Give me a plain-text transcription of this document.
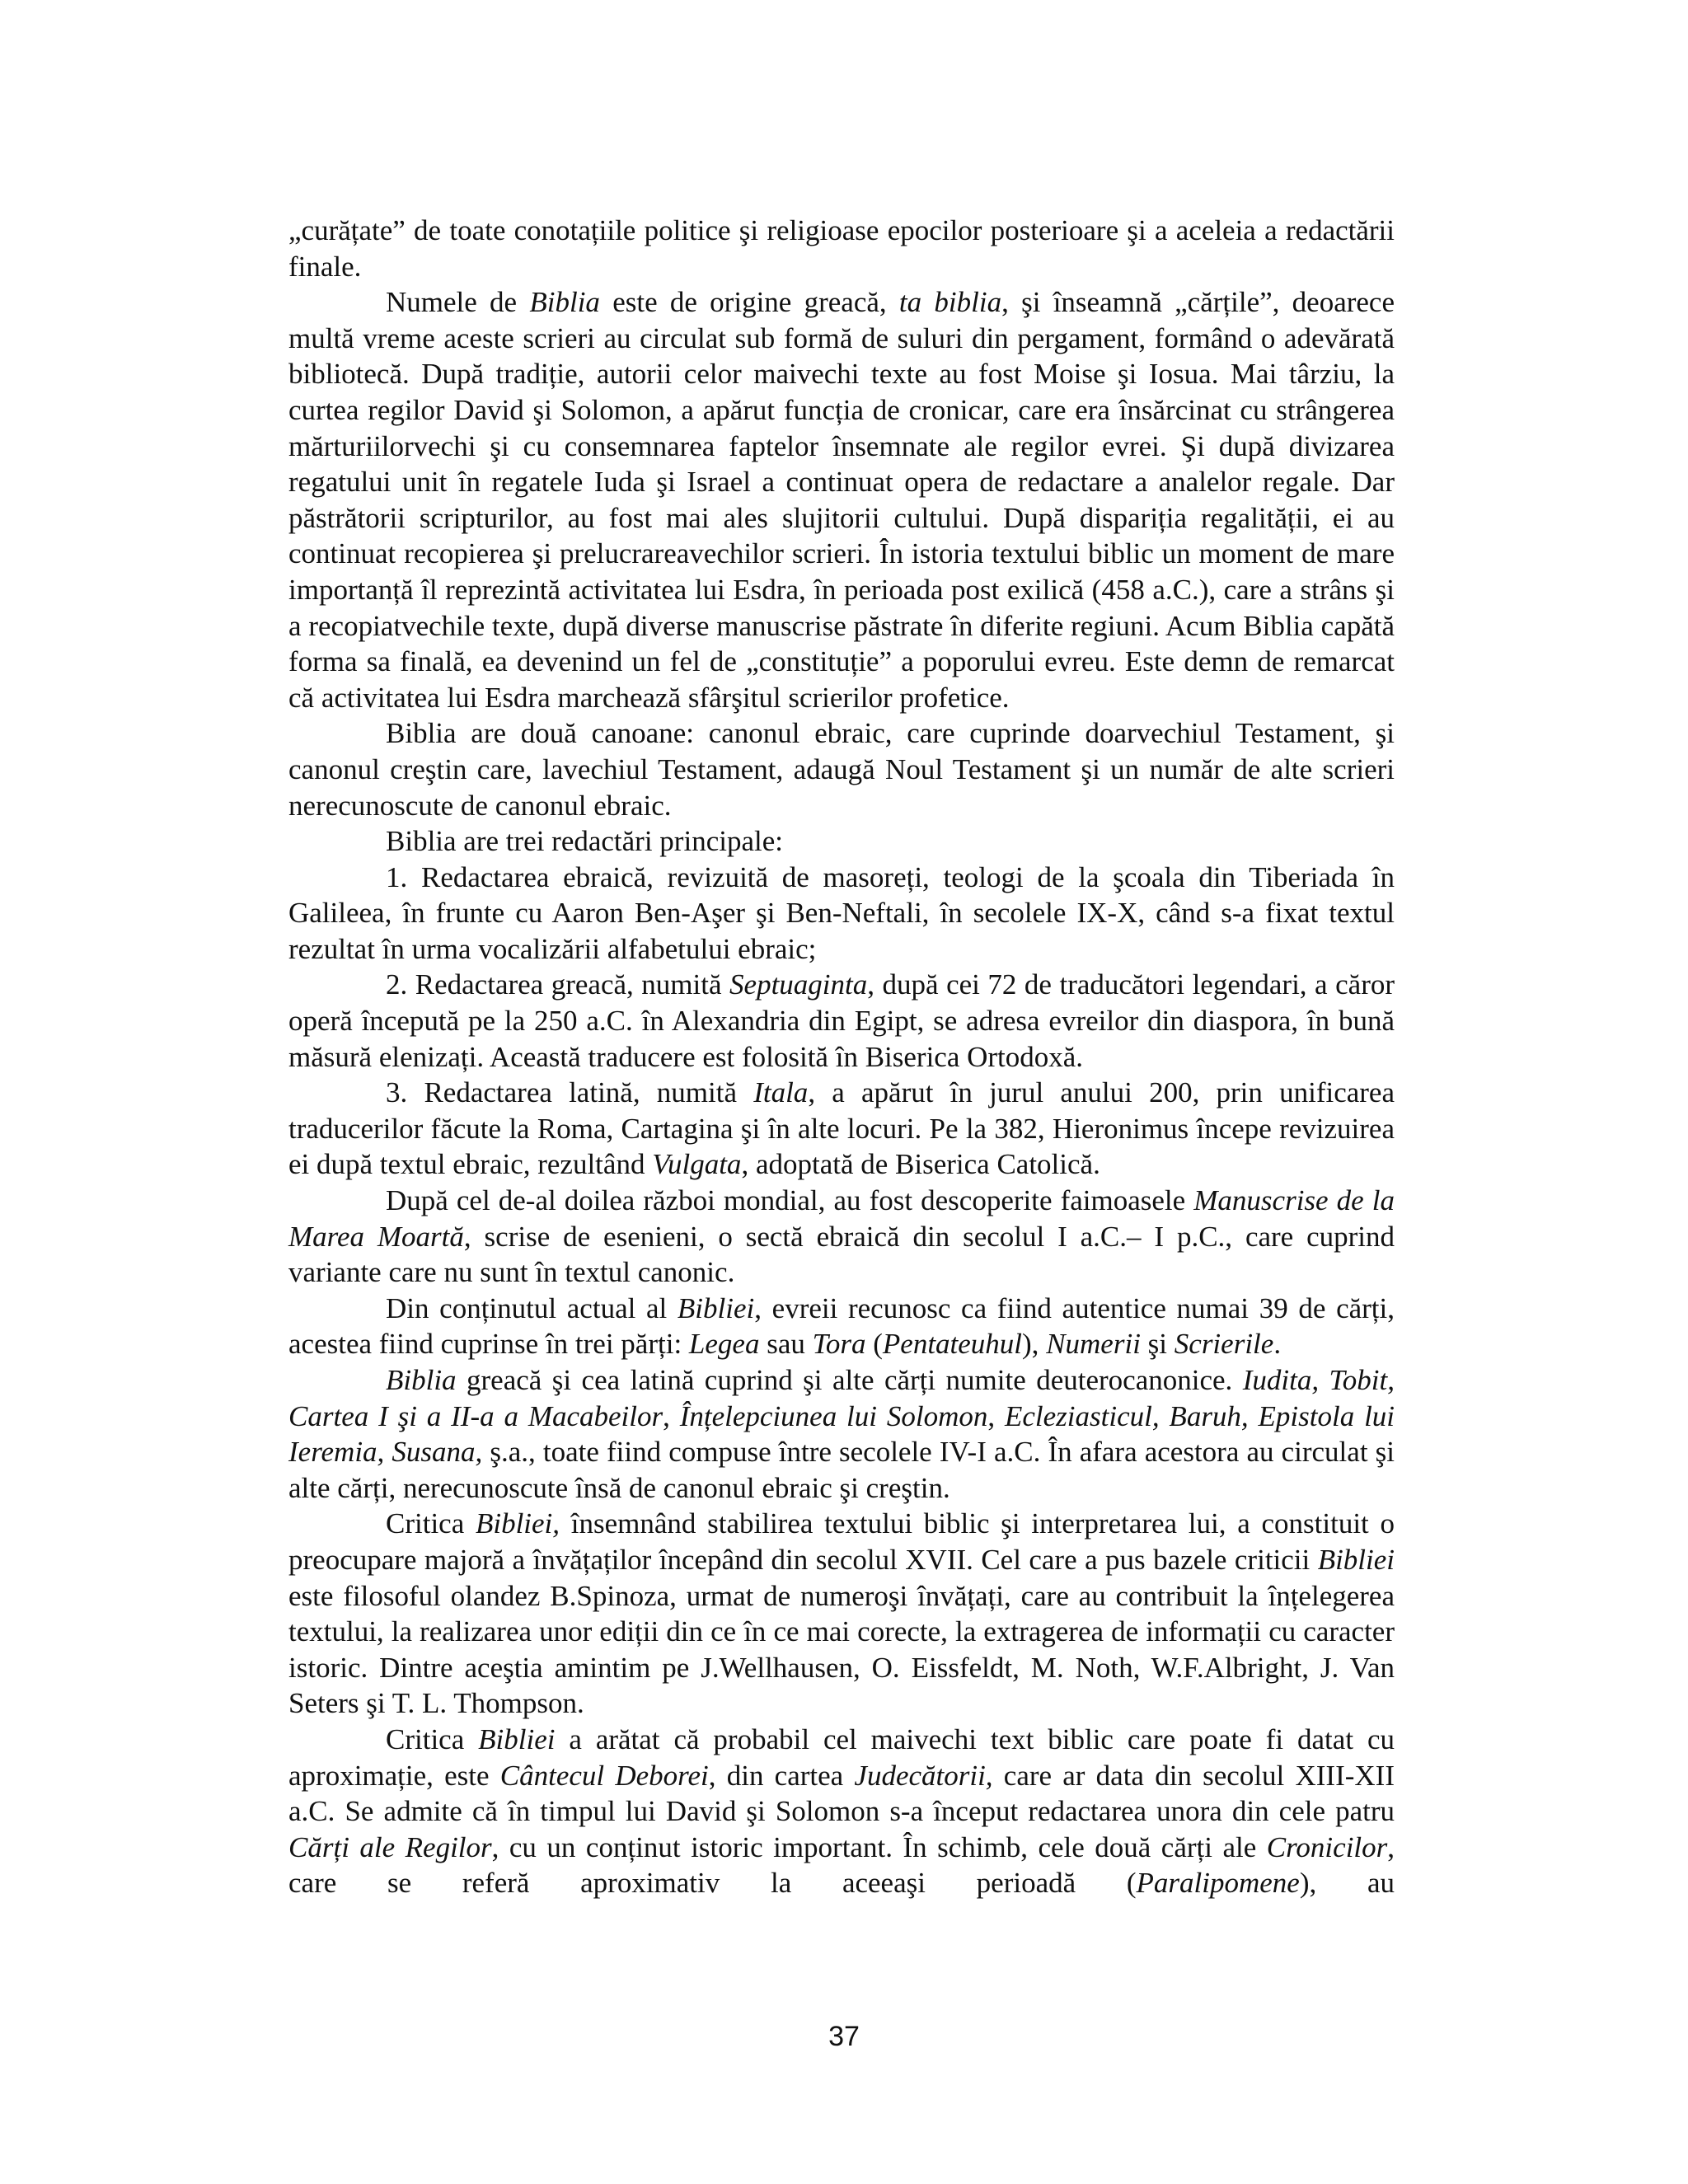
„curățate” de toate conotațiile politice şi religioase epocilor posterioare şi a aceleia a redactării finale.

Numele de Biblia este de origine greacă, ta biblia, şi înseamnă „cărțile”, deoarece multă vreme aceste scrieri au circulat sub formă de suluri din pergament, formând o adevărată bibliotecă. După tradiție, autorii celor maivechi texte au fost Moise şi Iosua. Mai târziu, la curtea regilor David şi Solomon, a apărut funcția de cronicar, care era însărcinat cu strângerea mărturiilorvechi şi cu consemnarea faptelor însemnate ale regilor evrei. Şi după divizarea regatului unit în regatele Iuda şi Israel a continuat opera de redactare a analelor regale. Dar păstrătorii scripturilor, au fost mai ales slujitorii cultului. După dispariția regalității, ei au continuat recopierea şi prelucrareavechilor scrieri. În istoria textului biblic un moment de mare importanță îl reprezintă activitatea lui Esdra, în perioada post exilică (458 a.C.), care a strâns şi a recopiatvechile texte, după diverse manuscrise păstrate în diferite regiuni. Acum Biblia capătă forma sa finală, ea devenind un fel de „constituție” a poporului evreu. Este demn de remarcat că activitatea lui Esdra marchează sfârşitul scrierilor profetice.

Biblia are două canoane: canonul ebraic, care cuprinde doarvechiul Testament, şi canonul creştin care, lavechiul Testament, adaugă Noul Testament şi un număr de alte scrieri nerecunoscute de canonul ebraic.

Biblia are trei redactări principale:

1. Redactarea ebraică, revizuită de masoreți, teologi de la şcoala din Tiberiada în Galileea, în frunte cu Aaron Ben-Aşer şi Ben-Neftali, în secolele IX-X, când s-a fixat textul rezultat în urma vocalizării alfabetului ebraic;

2. Redactarea greacă, numită Septuaginta, după cei 72 de traducători legendari, a căror operă începută pe la 250 a.C. în Alexandria din Egipt, se adresa evreilor din diaspora, în bună măsură elenizați. Această traducere est folosită în Biserica Ortodoxă.

3. Redactarea latină, numită Itala, a apărut în jurul anului 200, prin unificarea traducerilor făcute la Roma, Cartagina şi în alte locuri. Pe la 382, Hieronimus începe revizuirea ei după textul ebraic, rezultând Vulgata, adoptată de Biserica Catolică.

După cel de-al doilea război mondial, au fost descoperite faimoasele Manuscrise de la Marea Moartă, scrise de esenieni, o sectă ebraică din secolul I a.C.– I p.C., care cuprind variante care nu sunt în textul canonic.

Din conținutul actual al Bibliei, evreii recunosc ca fiind autentice numai 39 de cărți, acestea fiind cuprinse în trei părți: Legea sau Tora (Pentateuhul), Numerii şi Scrierile.

Biblia greacă şi cea latină cuprind şi alte cărți numite deuterocanonice. Iudita, Tobit, Cartea I şi a II-a a Macabeilor, Înțelepciunea lui Solomon, Ecleziasticul, Baruh, Epistola lui Ieremia, Susana, ş.a., toate fiind compuse între secolele IV-I a.C. În afara acestora au circulat şi alte cărți, nerecunoscute însă de canonul ebraic şi creştin.

Critica Bibliei, însemnând stabilirea textului biblic şi interpretarea lui, a constituit o preocupare majoră a învățaților începând din secolul XVII. Cel care a pus bazele criticii Bibliei este filosoful olandez B.Spinoza, urmat de numeroşi învățați, care au contribuit la înțelegerea textului, la realizarea unor ediții din ce în ce mai corecte, la extragerea de informații cu caracter istoric. Dintre aceştia amintim pe J.Wellhausen, O. Eissfeldt, M. Noth, W.F.Albright, J. Van Seters şi T. L. Thompson.

Critica Bibliei a arătat că probabil cel maivechi text biblic care poate fi datat cu aproximație, este Cântecul Deborei, din cartea Judecătorii, care ar data din secolul XIII-XII a.C. Se admite că în timpul lui David şi Solomon s-a început redactarea unora din cele patru Cărți ale Regilor, cu un conținut istoric important. În schimb, cele două cărți ale Cronicilor, care se referă aproximativ la aceeaşi perioadă (Paralipomene), au

37
